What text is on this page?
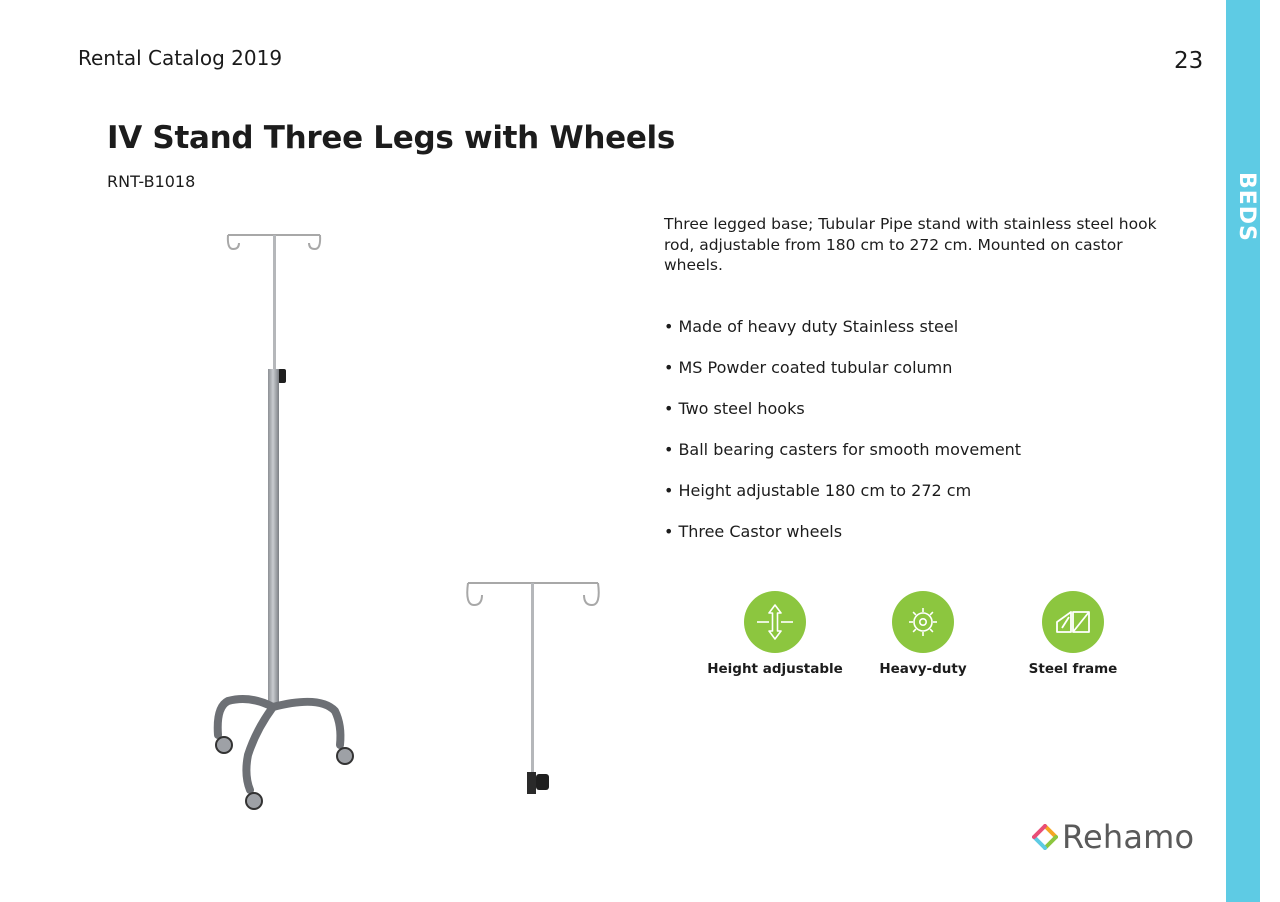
BEDS
Rental Catalog 2019	23
IV Stand Three Legs with Wheels
RNT-B1018

Three legged base; Tubular Pipe stand with stainless steel hook rod, adjustable from 180 cm to 272 cm. Mounted on castor wheels.

• Made of heavy duty Stainless steel
• MS Powder coated tubular column
• Two steel hooks
• Ball bearing casters for smooth movement
• Height adjustable 180 cm to 272 cm
• Three Castor wheels
Height adjustable	Heavy-duty	Steel frame
Rehamo
